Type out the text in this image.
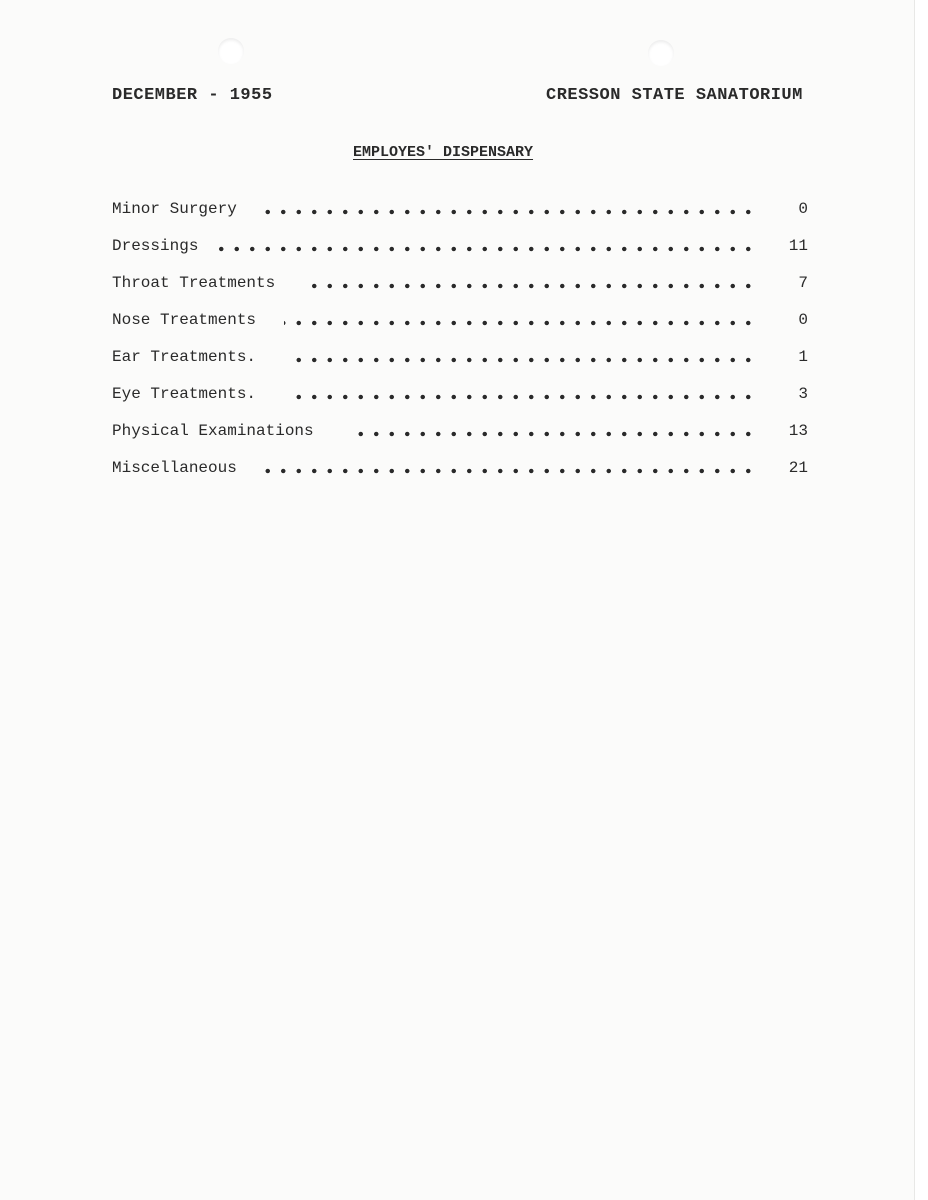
DECEMBER - 1955	CRESSON STATE SANATORIUM
EMPLOYES' DISPENSARY
Minor Surgery	0
Dressings	11
Throat Treatments	7
Nose Treatments	0
Ear Treatments.	1
Eye Treatments.	3
Physical Examinations	13
Miscellaneous	21
